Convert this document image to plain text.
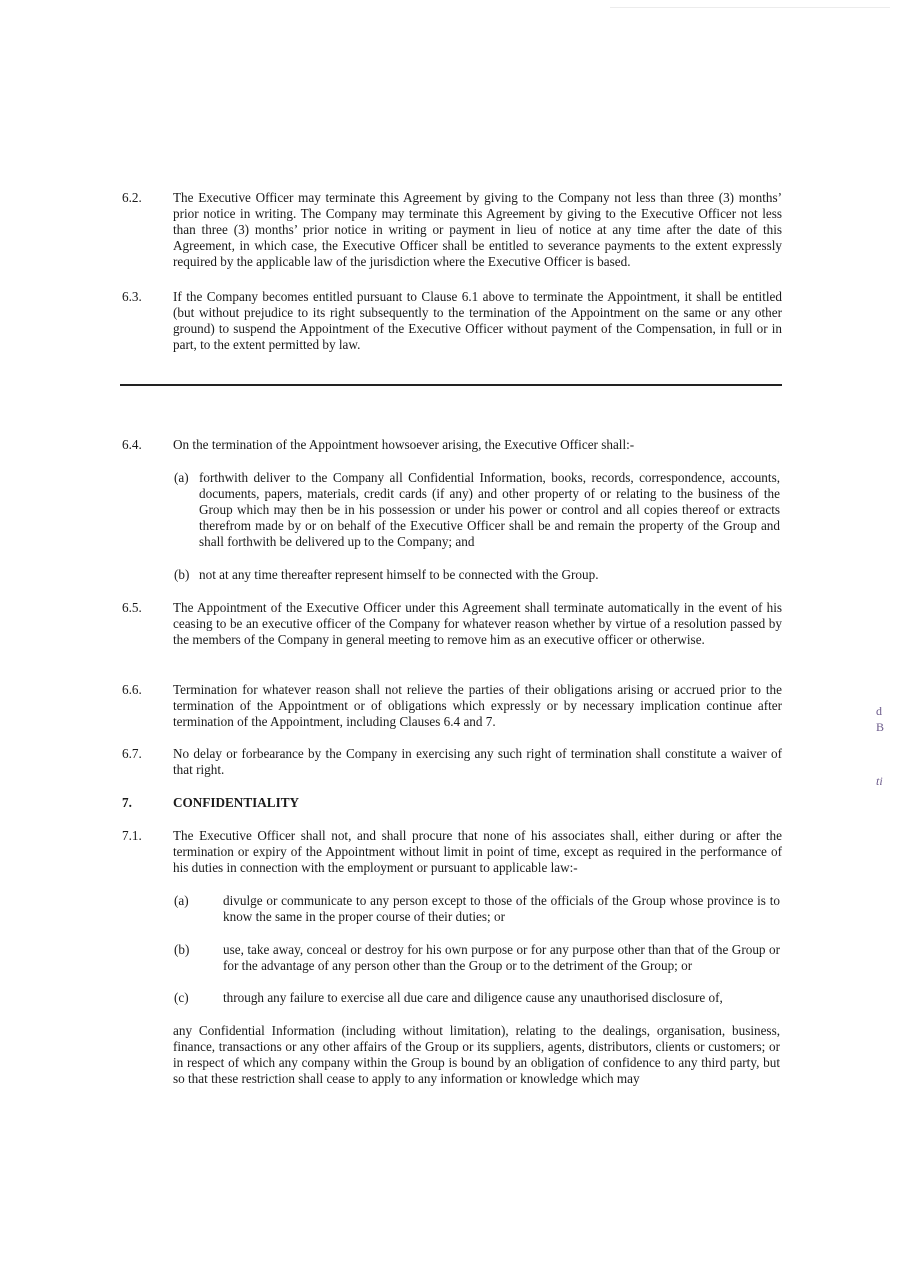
6.2.	The Executive Officer may terminate this Agreement by giving to the Company not less than three (3) months’ prior notice in writing. The Company may terminate this Agreement by giving to the Executive Officer not less than three (3) months’ prior notice in writing or payment in lieu of notice at any time after the date of this Agreement, in which case, the Executive Officer shall be entitled to severance payments to the extent expressly required by the applicable law of the jurisdiction where the Executive Officer is based.
6.3.	If the Company becomes entitled pursuant to Clause 6.1 above to terminate the Appointment, it shall be entitled (but without prejudice to its right subsequently to the termination of the Appointment on the same or any other ground) to suspend the Appointment of the Executive Officer without payment of the Compensation, in full or in part, to the extent permitted by law.
6.4.	On the termination of the Appointment howsoever arising, the Executive Officer shall:-
(a) forthwith deliver to the Company all Confidential Information, books, records, correspondence, accounts, documents, papers, materials, credit cards (if any) and other property of or relating to the business of the Group which may then be in his possession or under his power or control and all copies thereof or extracts therefrom made by or on behalf of the Executive Officer shall be and remain the property of the Group and shall forthwith be delivered up to the Company; and
(b) not at any time thereafter represent himself to be connected with the Group.
6.5.	The Appointment of the Executive Officer under this Agreement shall terminate automatically in the event of his ceasing to be an executive officer of the Company for whatever reason whether by virtue of a resolution passed by the members of the Company in general meeting to remove him as an executive officer or otherwise.
6.6.	Termination for whatever reason shall not relieve the parties of their obligations arising or accrued prior to the termination of the Appointment or of obligations which expressly or by necessary implication continue after termination of the Appointment, including Clauses 6.4 and 7.
6.7.	No delay or forbearance by the Company in exercising any such right of termination shall constitute a waiver of that right.
7.	CONFIDENTIALITY
7.1.	The Executive Officer shall not, and shall procure that none of his associates shall, either during or after the termination or expiry of the Appointment without limit in point of time, except as required in the performance of his duties in connection with the employment or pursuant to applicable law:-
(a)	divulge or communicate to any person except to those of the officials of the Group whose province is to know the same in the proper course of their duties; or
(b)	use, take away, conceal or destroy for his own purpose or for any purpose other than that of the Group or for the advantage of any person other than the Group or to the detriment of the Group; or
(c)	through any failure to exercise all due care and diligence cause any unauthorised disclosure of,
any Confidential Information (including without limitation), relating to the dealings, organisation, business, finance, transactions or any other affairs of the Group or its suppliers, agents, distributors, clients or customers; or in respect of which any company within the Group is bound by an obligation of confidence to any third party, but so that these restriction shall cease to apply to any information or knowledge which may
d
B
ti
